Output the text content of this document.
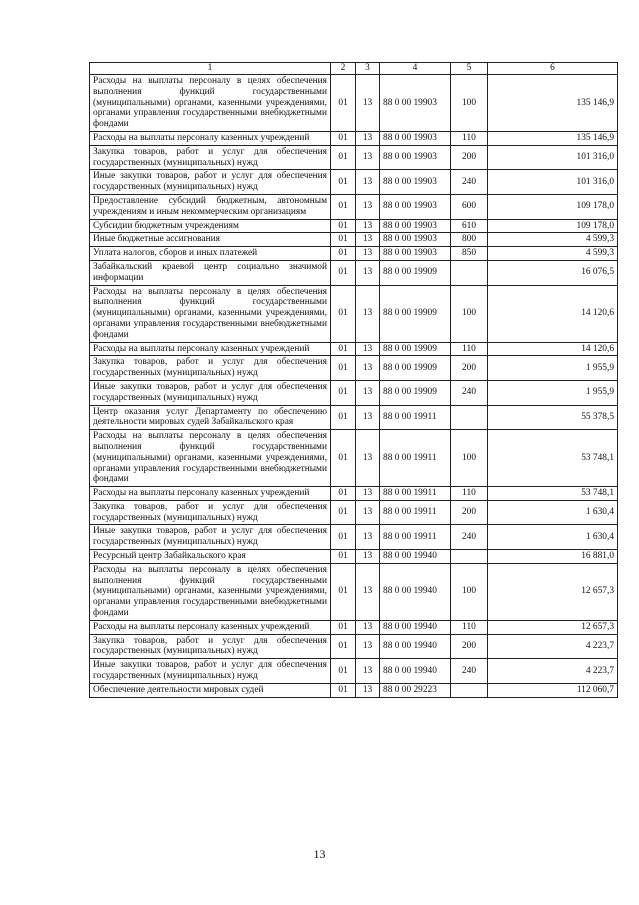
1	2	3	4	5	6
Расходы на выплаты персоналу в целях обеспечения выполнения функций государственными (муниципальными) органами, казенными учреждениями, органами управления государственными внебюджетными фондами	01	13	88 0 00 19903	100	135 146,9
Расходы на выплаты персоналу казенных учреждений	01	13	88 0 00 19903	110	135 146,9
Закупка товаров, работ и услуг для обеспечения государственных (муниципальных) нужд	01	13	88 0 00 19903	200	101 316,0
Иные закупки товаров, работ и услуг для обеспечения государственных (муниципальных) нужд	01	13	88 0 00 19903	240	101 316,0
Предоставление субсидий бюджетным, автономным учреждениям и иным некоммерческим организациям	01	13	88 0 00 19903	600	109 178,0
Субсидии бюджетным учреждениям	01	13	88 0 00 19903	610	109 178,0
Иные бюджетные ассигнования	01	13	88 0 00 19903	800	4 599,3
Уплата налогов, сборов и иных платежей	01	13	88 0 00 19903	850	4 599,3
Забайкальский краевой центр социально значимой информации	01	13	88 0 00 19909		16 076,5
Расходы на выплаты персоналу в целях обеспечения выполнения функций государственными (муниципальными) органами, казенными учреждениями, органами управления государственными внебюджетными фондами	01	13	88 0 00 19909	100	14 120,6
Расходы на выплаты персоналу казенных учреждений	01	13	88 0 00 19909	110	14 120,6
Закупка товаров, работ и услуг для обеспечения государственных (муниципальных) нужд	01	13	88 0 00 19909	200	1 955,9
Иные закупки товаров, работ и услуг для обеспечения государственных (муниципальных) нужд	01	13	88 0 00 19909	240	1 955,9
Центр оказания услуг Департаменту по обеспечению деятельности мировых судей Забайкальского края	01	13	88 0 00 19911		55 378,5
Расходы на выплаты персоналу в целях обеспечения выполнения функций государственными (муниципальными) органами, казенными учреждениями, органами управления государственными внебюджетными фондами	01	13	88 0 00 19911	100	53 748,1
Расходы на выплаты персоналу казенных учреждений	01	13	88 0 00 19911	110	53 748,1
Закупка товаров, работ и услуг для обеспечения государственных (муниципальных) нужд	01	13	88 0 00 19911	200	1 630,4
Иные закупки товаров, работ и услуг для обеспечения государственных (муниципальных) нужд	01	13	88 0 00 19911	240	1 630,4
Ресурсный центр Забайкальского края	01	13	88 0 00 19940		16 881,0
Расходы на выплаты персоналу в целях обеспечения выполнения функций государственными (муниципальными) органами, казенными учреждениями, органами управления государственными внебюджетными фондами	01	13	88 0 00 19940	100	12 657,3
Расходы на выплаты персоналу казенных учреждений	01	13	88 0 00 19940	110	12 657,3
Закупка товаров, работ и услуг для обеспечения государственных (муниципальных) нужд	01	13	88 0 00 19940	200	4 223,7
Иные закупки товаров, работ и услуг для обеспечения государственных (муниципальных) нужд	01	13	88 0 00 19940	240	4 223,7
Обеспечение деятельности мировых судей	01	13	88 0 00 29223		112 060,7
13
